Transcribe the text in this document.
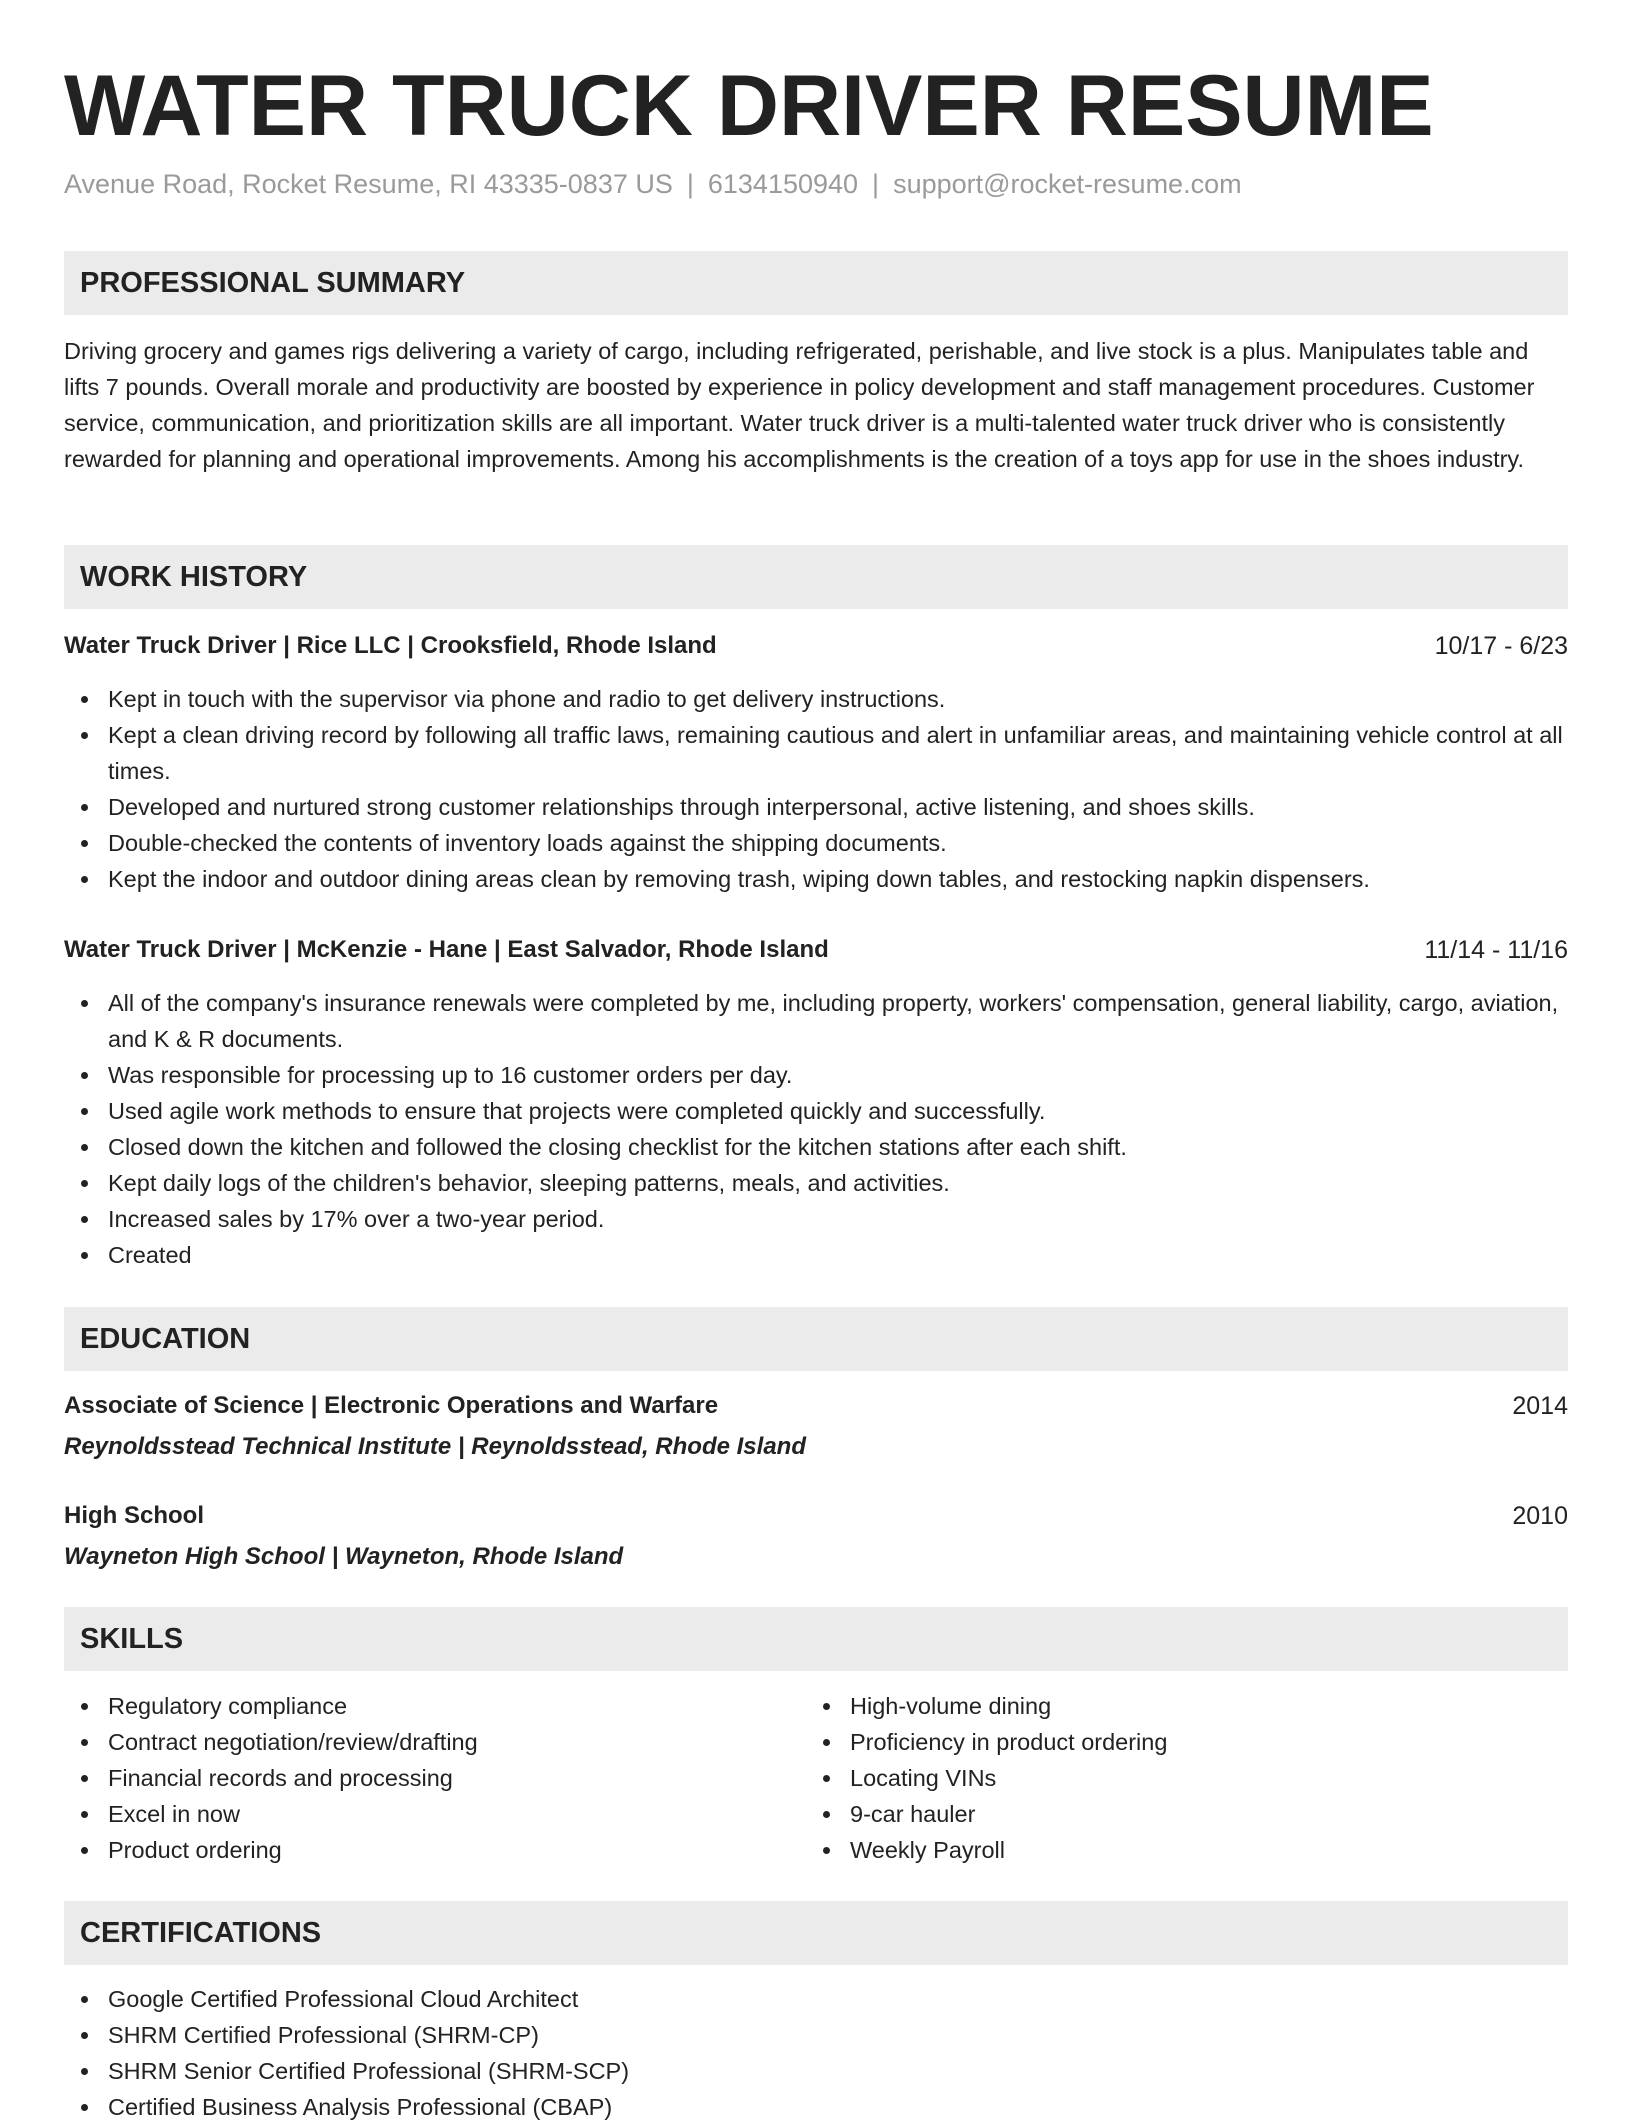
WATER TRUCK DRIVER RESUME
Avenue Road, Rocket Resume, RI 43335-0837 US | 6134150940 | support@rocket-resume.com
PROFESSIONAL SUMMARY

Driving grocery and games rigs delivering a variety of cargo, including refrigerated, perishable, and live stock is a plus. Manipulates table and lifts 7 pounds. Overall morale and productivity are boosted by experience in policy development and staff management procedures. Customer service, communication, and prioritization skills are all important. Water truck driver is a multi-talented water truck driver who is consistently rewarded for planning and operational improvements. Among his accomplishments is the creation of a toys app for use in the shoes industry.

WORK HISTORY
Water Truck Driver | Rice LLC | Crooksfield, Rhode Island	10/17 - 6/23
Kept in touch with the supervisor via phone and radio to get delivery instructions.
Kept a clean driving record by following all traffic laws, remaining cautious and alert in unfamiliar areas, and maintaining vehicle control at all times.
Developed and nurtured strong customer relationships through interpersonal, active listening, and shoes skills.
Double-checked the contents of inventory loads against the shipping documents.
Kept the indoor and outdoor dining areas clean by removing trash, wiping down tables, and restocking napkin dispensers.
Water Truck Driver | McKenzie - Hane | East Salvador, Rhode Island	11/14 - 11/16
All of the company's insurance renewals were completed by me, including property, workers' compensation, general liability, cargo, aviation, and K & R documents.
Was responsible for processing up to 16 customer orders per day.
Used agile work methods to ensure that projects were completed quickly and successfully.
Closed down the kitchen and followed the closing checklist for the kitchen stations after each shift.
Kept daily logs of the children's behavior, sleeping patterns, meals, and activities.
Increased sales by 17% over a two-year period.
Created
EDUCATION
Associate of Science | Electronic Operations and Warfare	2014
Reynoldsstead Technical Institute | Reynoldsstead, Rhode Island
High School	2010
Wayneton High School | Wayneton, Rhode Island
SKILLS
Regulatory compliance
Contract negotiation/review/drafting
Financial records and processing
Excel in now
Product ordering
High-volume dining
Proficiency in product ordering
Locating VINs
9-car hauler
Weekly Payroll
CERTIFICATIONS
Google Certified Professional Cloud Architect
SHRM Certified Professional (SHRM-CP)
SHRM Senior Certified Professional (SHRM-SCP)
Certified Business Analysis Professional (CBAP)
